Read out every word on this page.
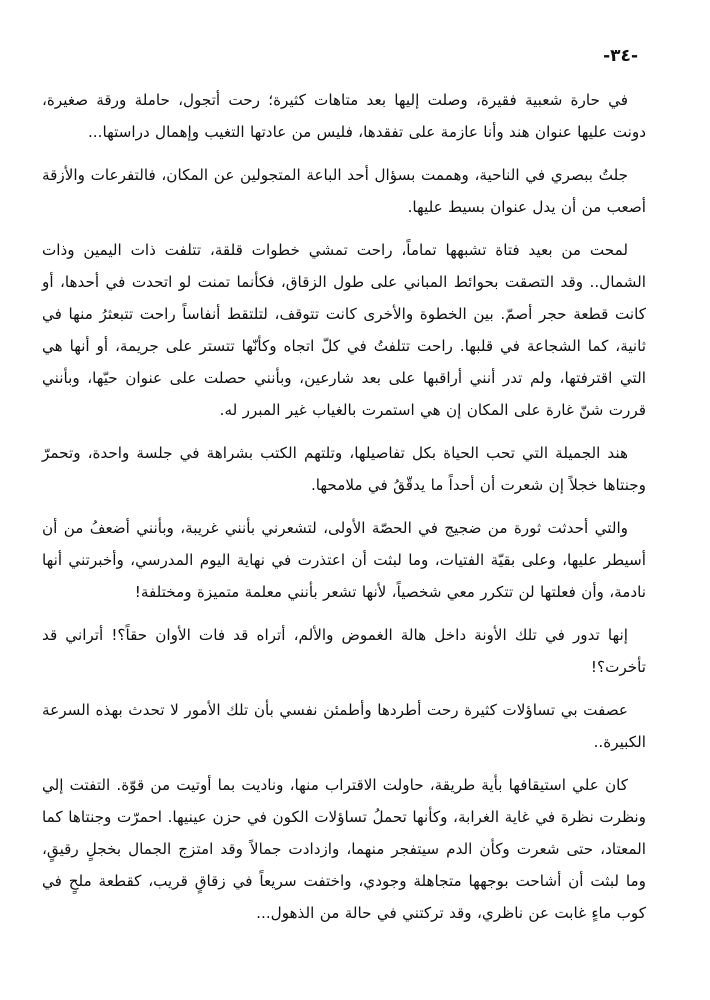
-٣٤-

في حارة شعبية فقيرة، وصلت إليها بعد متاهات كثيرة؛ رحت أتجول، حاملة ورقة صغيرة، دونت عليها عنوان هند وأنا عازمة على تفقدها، فليس من عادتها التغيب وإهمال دراستها...

جلتُ ببصري في الناحية، وهممت بسؤال أحد الباعة المتجولين عن المكان، فالتفرعات والأزقة أصعب من أن يدل عنوان بسيط عليها.

لمحت من بعيد فتاة تشبهها تماماً، راحت تمشي خطوات قلقة، تتلفت ذات اليمين وذات الشمال.. وقد التصقت بحوائط المباني على طول الزقاق، فكأنما تمنت لو اتحدت في أحدها، أو كانت قطعة حجر أصمّ. بين الخطوة والأخرى كانت تتوقف، لتلتقط أنفاساً راحت تتبعثرُ منها في ثانية، كما الشجاعة في قلبها. راحت تتلفتُ في كلّ اتجاه وكأنّها تتستر على جريمة، أو أنها هي التي اقترفتها، ولم تدر أنني أراقبها على بعد شارعين، وبأنني حصلت على عنوان حيّها، وبأنني قررت شنّ غارة على المكان إن هي استمرت بالغياب غير المبرر له.

هند الجميلة التي تحب الحياة بكل تفاصيلها، وتلتهم الكتب بشراهة في جلسة واحدة، وتحمرّ وجنتاها خجلاً إن شعرت أن أحداً ما يدقّقُ في ملامحها.

والتي أحدثت ثورة من ضجيج في الحصّة الأولى، لتشعرني بأنني غريبة، وبأنني أضعفُ من أن أسيطر عليها، وعلى بقيّة الفتيات، وما لبثت أن اعتذرت في نهاية اليوم المدرسي، وأخبرتني أنها نادمة، وأن فعلتها لن تتكرر معي شخصياً، لأنها تشعر بأنني معلمة متميزة ومختلفة!

إنها تدور في تلك الأونة داخل هالة الغموض والألم، أتراه قد فات الأوان حقاً؟! أتراني قد تأخرت؟!

عصفت بي تساؤلات كثيرة رحت أطردها وأطمئن نفسي بأن تلك الأمور لا تحدث بهذه السرعة الكبيرة..

كان علي استيقافها بأية طريقة، حاولت الاقتراب منها، وناديت بما أوتيت من قوّة. التفتت إلي ونظرت نظرة في غاية الغرابة، وكأنها تحملُ تساؤلات الكون في حزن عينيها. احمرّت وجنتاها كما المعتاد، حتى شعرت وكأن الدم سيتفجر منهما، وازدادت جمالاً وقد امتزج الجمال بخجلٍ رقيقٍ، وما لبثت أن أشاحت بوجهها متجاهلة وجودي، واختفت سريعاً في زقاقٍ قريب، كقطعة ملحٍ في كوب ماءٍ غابت عن ناظري، وقد تركتني في حالة من الذهول...
